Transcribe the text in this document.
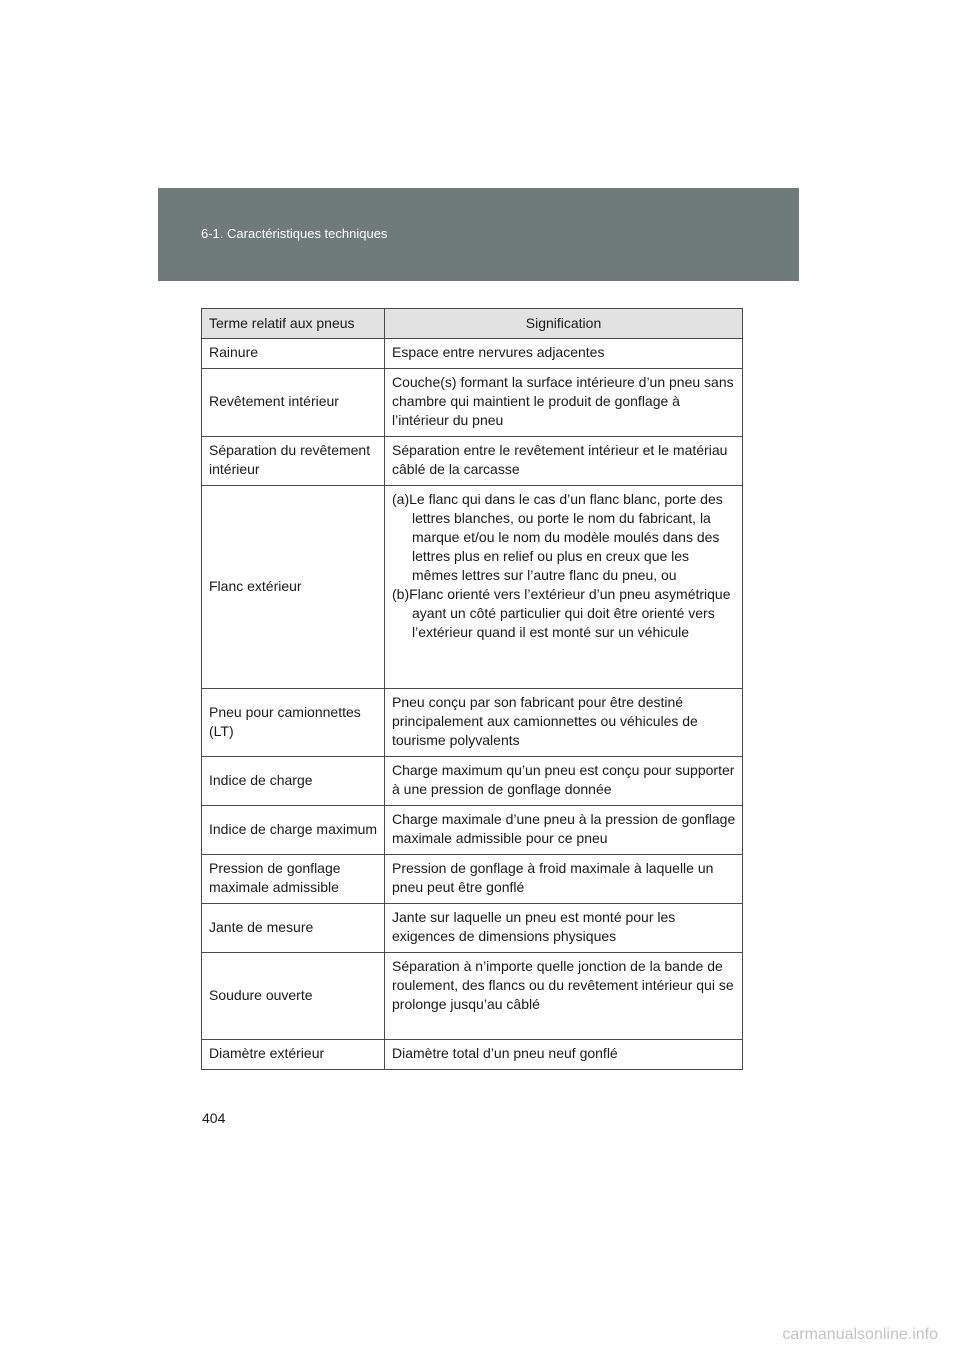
6-1. Caractéristiques techniques
Terme relatif aux pneus	Signification
Rainure	Espace entre nervures adjacentes
Revêtement intérieur	Couche(s) formant la surface intérieure d’un pneu sans chambre qui maintient le produit de gonflage à l’intérieur du pneu
Séparation du revêtement intérieur	Séparation entre le revêtement intérieur et le matériau câblé de la carcasse
Flanc extérieur	(a)Le flanc qui dans le cas d’un flanc blanc, porte des lettres blanches, ou porte le nom du fabricant, la marque et/ou le nom du modèle moulés dans des lettres plus en relief ou plus en creux que les mêmes lettres sur l’autre flanc du pneu, ou
(b)Flanc orienté vers l’extérieur d’un pneu asymétrique ayant un côté particulier qui doit être orienté vers l’extérieur quand il est monté sur un véhicule

Pneu pour camionnettes (LT)	Pneu conçu par son fabricant pour être destiné principalement aux camionnettes ou véhicules de tourisme polyvalents
Indice de charge	Charge maximum qu’un pneu est conçu pour supporter à une pression de gonflage donnée
Indice de charge maximum	Charge maximale d’une pneu à la pression de gonflage maximale admissible pour ce pneu
Pression de gonflage maximale admissible	Pression de gonflage à froid maximale à laquelle un pneu peut être gonflé
Jante de mesure	Jante sur laquelle un pneu est monté pour les exigences de dimensions physiques
Soudure ouverte	Séparation à n’importe quelle jonction de la bande de roulement, des flancs ou du revêtement intérieur qui se prolonge jusqu’au câblé
Diamètre extérieur	Diamètre total d’un pneu neuf gonflé
404
carmanualsonline.info
